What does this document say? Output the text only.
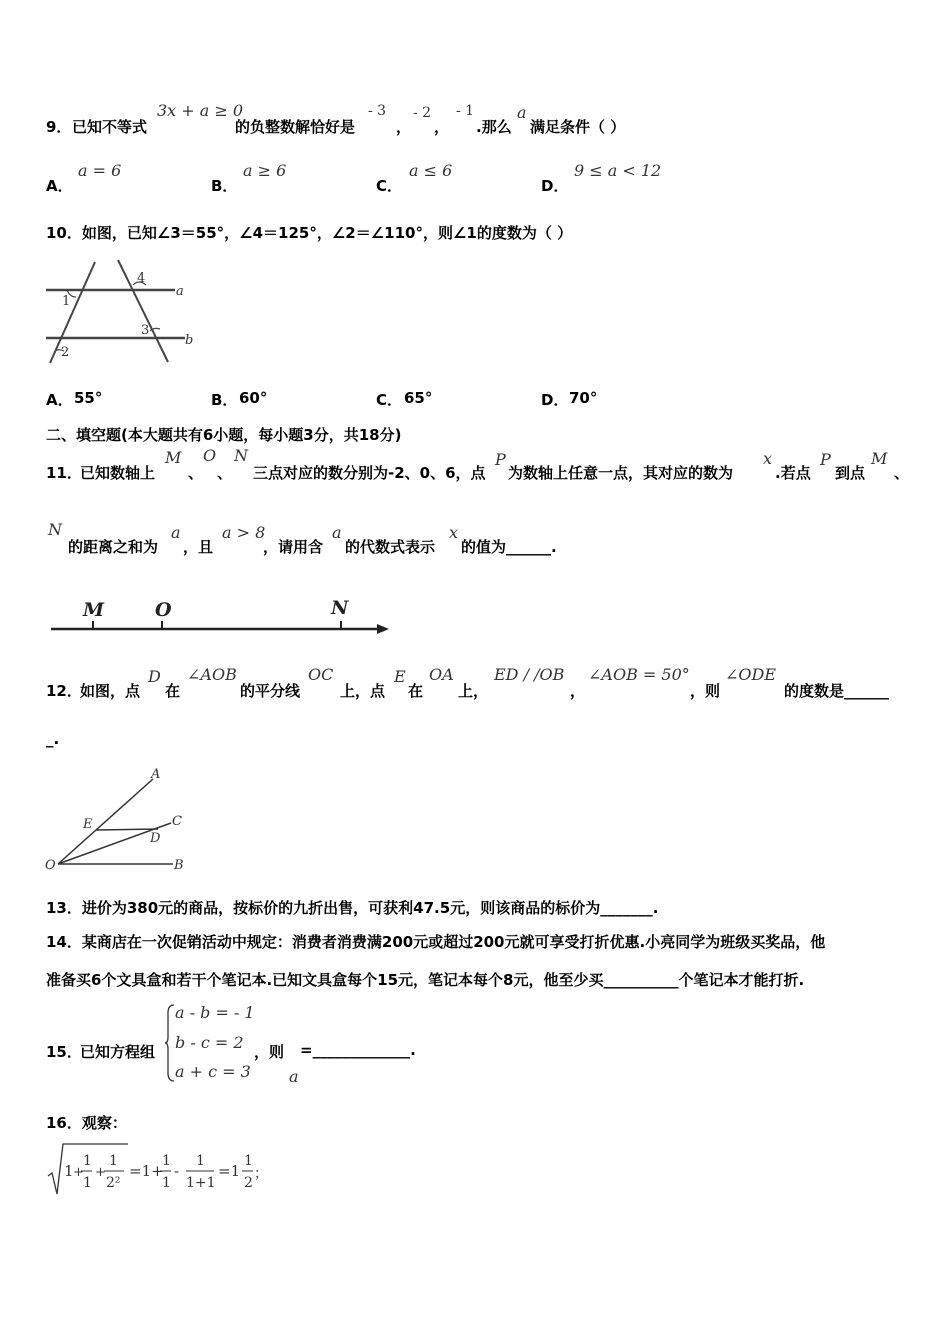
9． 已知不等式
3x + a ≥ 0
的负整数解恰好是
- 3
，
- 2
，
- 1
.那么
a
满足条件（ ）
A．
a = 6
B．
a ≥ 6
C．
a ≤ 6
D．
9 ≤ a < 12
10．如图，已知∠3＝55°，∠4＝125°，∠2＝∠110°，则∠1的度数为（ ）
1
2
3
4
a
b
A． 55°	B． 60°	C． 65°	D． 70°
二、填空题(本大题共有6小题，每小题3分，共18分)
11．
已知数轴上
M
、
O
、
N
三点对应的数分别为-2、0、6，点
P
为数轴上任意一点，其对应的数为
x
.若点
P
到点
M
、
N
的距离之和为
a
，且
a > 8
，请用含
a
的代数式表示
x
的值为______.
M	O	N
12．
如图，点
D
在
∠AOB
的平分线
OC
上，点
E
在
OA
上，
ED / /OB
，
∠AOB = 50°
，则
∠ODE
的度数是______
_.
A
C
E
D
O	B
13．进价为380元的商品，按标价的九折出售，可获利47.5元，则该商品的标价为_______.
14．某商店在一次促销活动中规定：消费者消费满200元或超过200元就可享受打折优惠.小亮同学为班级买奖品，他
准备买6个文具盒和若干个笔记本.已知文具盒每个15元，笔记本每个8元，他至少买__________个笔记本才能打折.
15．
已知方程组
a - b = - 1
b - c = 2
a + c = 3
，则
a
=_____________.
16．观察：
1 +
1
1
+
1
2²
=1+
1
1
-
1
1+1
=1
1
2
；
